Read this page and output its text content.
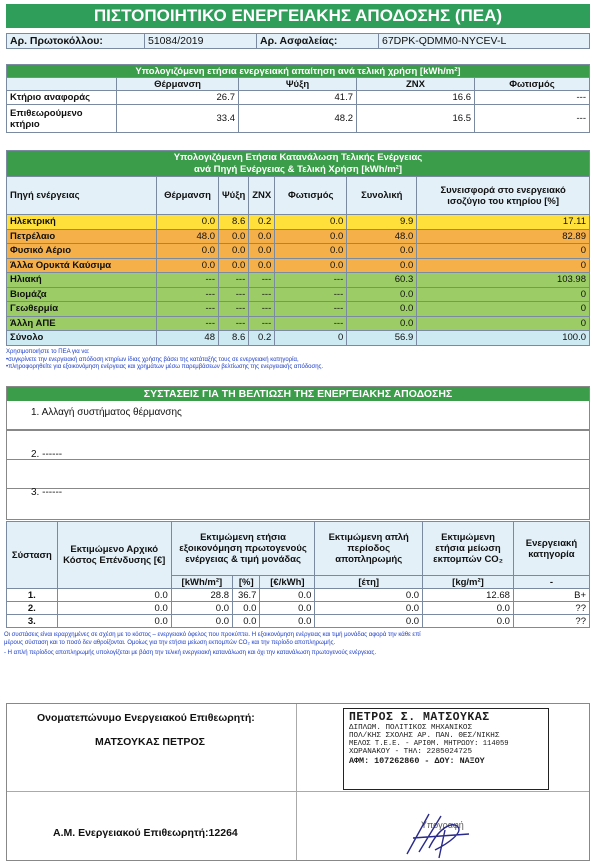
ΠΙΣΤΟΠΟΙΗΤΙΚΟ ΕΝΕΡΓΕΙΑΚΗΣ ΑΠΟΔΟΣΗΣ (ΠΕΑ)
Αρ. Πρωτοκόλλου:	51084/2019	Αρ. Ασφαλείας:	67DPK-QDMM0-NYCEV-L
Υπολογιζόμενη ετήσια ενεργειακή απαίτηση ανά τελική χρήση [kWh/m²]				
	Θέρμανση	Ψύξη	ΖΝΧ	Φωτισμός
Κτήριο αναφοράς	26.7	41.7	16.6	---
Επιθεωρούμενο κτήριο	33.4	48.2	16.5	---
Υπολογιζόμενη Ετήσια Κατανάλωση Τελικής Ενέργειας
ανά Πηγή Ενέργειας & Τελική Χρήση [kWh/m²]						

Πηγή ενέργειας	Θέρμανση	Ψύξη	ΖΝΧ	Φωτισμός	Συνολική	Συνεισφορά στο ενεργειακό ισοζύγιο του κτηρίου [%]
Ηλεκτρική	0.0	8.6	0.2	0.0	9.9	17.11
Πετρέλαιο	48.0	0.0	0.0	0.0	48.0	82.89
Φυσικό Αέριο	0.0	0.0	0.0	0.0	0.0	0
Άλλα Ορυκτά Καύσιμα	0.0	0.0	0.0	0.0	0.0	0
Ηλιακή	---	---	---	---	60.3	103.98
Βιομάζα	---	---	---	---	0.0	0
Γεωθερμία	---	---	---	---	0.0	0
Άλλη ΑΠΕ	---	---	---	---	0.0	0
Σύνολο	48	8.6	0.2	0	56.9	100.0
Χρησιμοποιήστε το ΠΕΑ για να:
•συγκρίνετε την ενεργειακή απόδοση κτηρίων ίδιας χρήσης βάσει της κατάταξής τους σε ενεργειακή κατηγορία,
•πληροφορηθείτε για εξοικονόμηση ενέργειας και χρημάτων μέσω παρεμβάσεων βελτίωσης της ενεργειακής απόδοσης.
ΣΥΣΤΑΣΕΙΣ ΓΙΑ ΤΗ ΒΕΛΤΙΩΣΗ ΤΗΣ ΕΝΕΡΓΕΙΑΚΗΣ ΑΠΟΔΟΣΗΣ
1. Αλλαγή συστήματος θέρμανσης
2. ------
3. ------
Σύσταση	Εκτιμώμενο Αρχικό Κόστος Επένδυσης [€]	Εκτιμώμενη ετήσια εξοικονόμηση πρωτογενούς ενέργειας & τιμή μονάδας			Εκτιμώμενη απλή περίοδος αποπληρωμής	Εκτιμώμενη ετήσια μείωση εκπομπών CO₂	Ενεργειακή κατηγορία
		[kWh/m²]	[%]	[€/kWh]	[έτη]	[kg/m²]	-
1.	0.0	28.8	36.7	0.0	0.0	12.68	B+
2.	0.0	0.0	0.0	0.0	0.0	0.0	??
3.	0.0	0.0	0.0	0.0	0.0	0.0	??
Οι συστάσεις είναι ιεραρχημένες σε σχέση με το κόστος – ενεργειακό όφελος που προκύπτει. Η εξοικονόμηση ενέργειας και τιμή μονάδας αφορά την κάθε επί
μέρους σύσταση και το ποσό δεν αθροίζονται. Ομοίως για την ετήσια μείωση εκπομπών CO₂ και την περίοδο αποπληρωμής.
- Η απλή περίοδος αποπληρωμής υπολογίζεται με βάση την τελική ενεργειακή κατανάλωση και όχι την κατανάλωση πρωτογενούς ενέργειας.
Ονοματεπώνυμο Ενεργειακού Επιθεωρητή:
ΜΑΤΣΟΥΚΑΣ ΠΕΤΡΟΣ
Α.Μ. Ενεργειακού Επιθεωρητή:12264
Υπογραφή
ΠΕΤΡΟΣ Σ. ΜΑΤΣΟΥΚΑΣ
ΔΙΠΛΩΜ. ΠΟΛΙΤΙΚΟΣ ΜΗΧΑΝΙΚΟΣ
ΠΟΛ/ΚΗΣ ΣΧΟΛΗΣ ΑΡ. ΠΑΝ. ΘΕΣ/ΝΙΚΗΣ
ΜΕΛΟΣ Τ.Ε.Ε. - ΑΡΙΘΜ. ΜΗΤΡΩΟΥ: 114059
ΧΩΡΑΝΑΚΟΥ - ΤΗΛ: 2285024725
ΑΦΜ: 107262860 - ΔΟΥ: ΝΑΞΟΥ
